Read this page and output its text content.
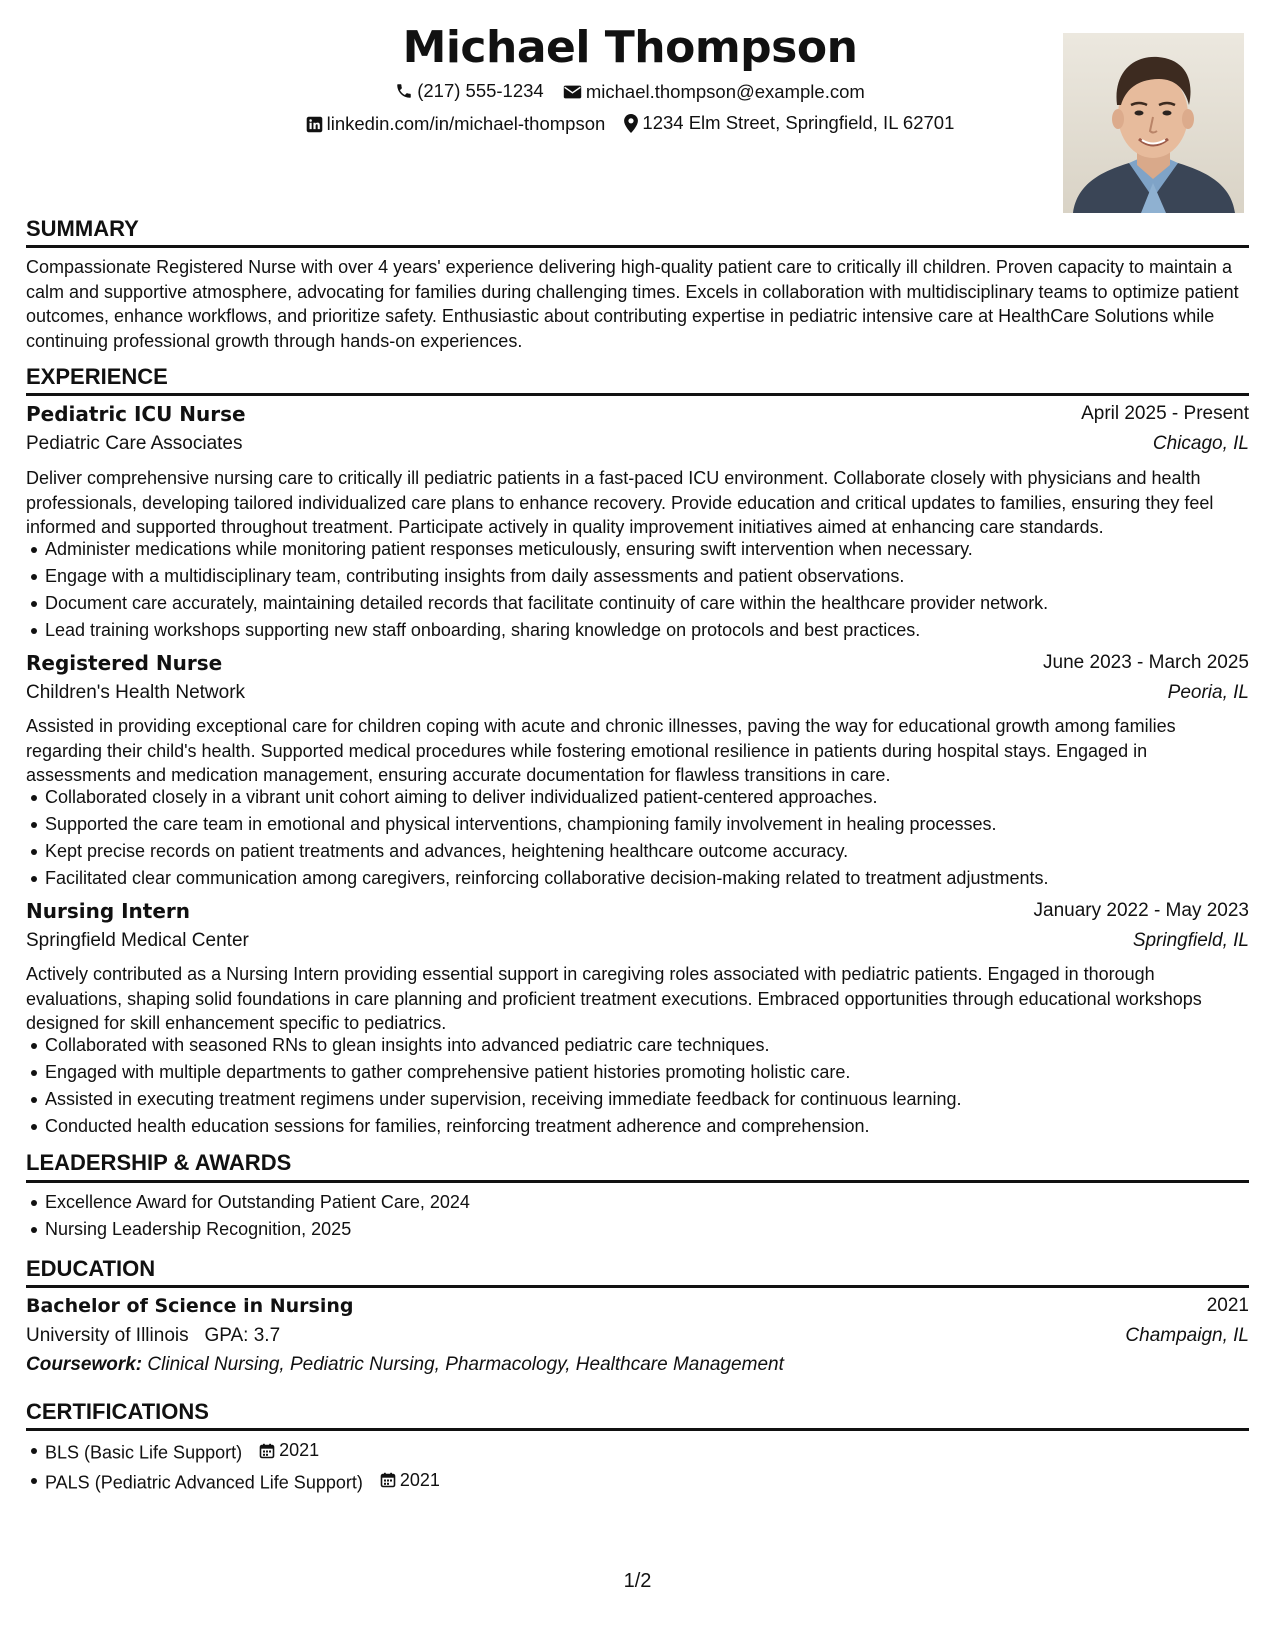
Michael Thompson
(217) 555-1234
michael.thompson@example.com
linkedin.com/in/michael-thompson
1234 Elm Street, Springfield, IL 62701
SUMMARY
Compassionate Registered Nurse with over 4 years' experience delivering high-quality patient care to critically ill children. Proven capacity to maintain a calm and supportive atmosphere, advocating for families during challenging times. Excels in collaboration with multidisciplinary teams to optimize patient outcomes, enhance workflows, and prioritize safety. Enthusiastic about contributing expertise in pediatric intensive care at HealthCare Solutions while continuing professional growth through hands-on experiences.
EXPERIENCE
Pediatric ICU Nurse	April 2025 - Present
Pediatric Care Associates	Chicago, IL
Deliver comprehensive nursing care to critically ill pediatric patients in a fast-paced ICU environment. Collaborate closely with physicians and health professionals, developing tailored individualized care plans to enhance recovery. Provide education and critical updates to families, ensuring they feel informed and supported throughout treatment. Participate actively in quality improvement initiatives aimed at enhancing care standards.
Administer medications while monitoring patient responses meticulously, ensuring swift intervention when necessary.
Engage with a multidisciplinary team, contributing insights from daily assessments and patient observations.
Document care accurately, maintaining detailed records that facilitate continuity of care within the healthcare provider network.
Lead training workshops supporting new staff onboarding, sharing knowledge on protocols and best practices.
Registered Nurse	June 2023 - March 2025
Children's Health Network	Peoria, IL
Assisted in providing exceptional care for children coping with acute and chronic illnesses, paving the way for educational growth among families regarding their child's health. Supported medical procedures while fostering emotional resilience in patients during hospital stays. Engaged in assessments and medication management, ensuring accurate documentation for flawless transitions in care.
Collaborated closely in a vibrant unit cohort aiming to deliver individualized patient-centered approaches.
Supported the care team in emotional and physical interventions, championing family involvement in healing processes.
Kept precise records on patient treatments and advances, heightening healthcare outcome accuracy.
Facilitated clear communication among caregivers, reinforcing collaborative decision-making related to treatment adjustments.
Nursing Intern	January 2022 - May 2023
Springfield Medical Center	Springfield, IL
Actively contributed as a Nursing Intern providing essential support in caregiving roles associated with pediatric patients. Engaged in thorough evaluations, shaping solid foundations in care planning and proficient treatment executions. Embraced opportunities through educational workshops designed for skill enhancement specific to pediatrics.
Collaborated with seasoned RNs to glean insights into advanced pediatric care techniques.
Engaged with multiple departments to gather comprehensive patient histories promoting holistic care.
Assisted in executing treatment regimens under supervision, receiving immediate feedback for continuous learning.
Conducted health education sessions for families, reinforcing treatment adherence and comprehension.
LEADERSHIP & AWARDS
Excellence Award for Outstanding Patient Care, 2024
Nursing Leadership Recognition, 2025
EDUCATION
Bachelor of Science in Nursing	2021
University of Illinois GPA: 3.7	Champaign, IL
Coursework: Clinical Nursing, Pediatric Nursing, Pharmacology, Healthcare Management
CERTIFICATIONS
BLS (Basic Life Support) 2021
PALS (Pediatric Advanced Life Support) 2021
1/2
